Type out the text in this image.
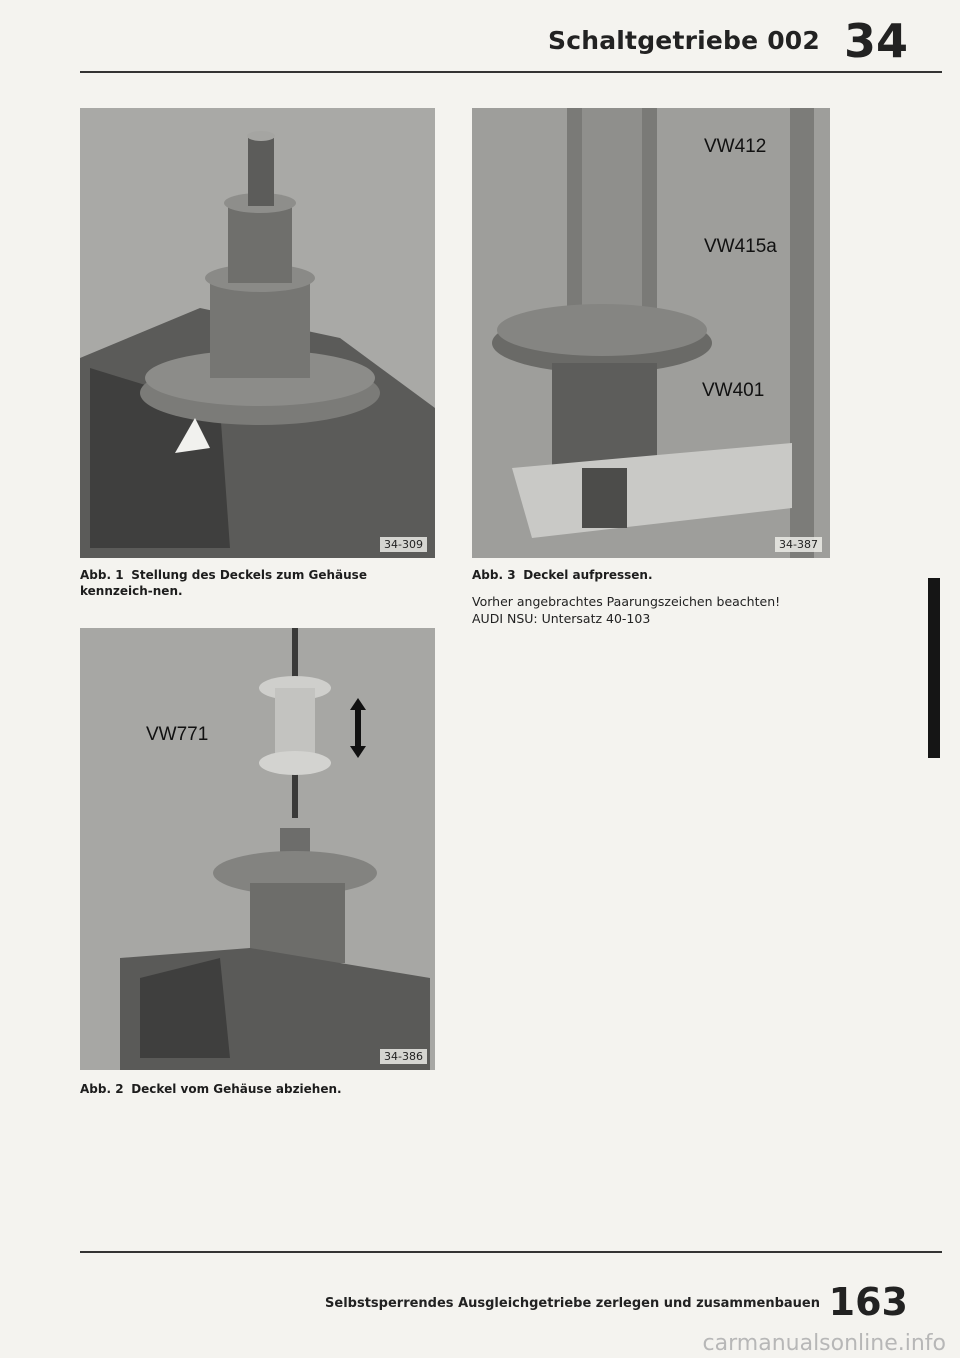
Schaltgetriebe 002 34
34-309
Abb. 1 Stellung des Deckels zum Gehäuse kennzeich-nen.
VW412
VW415a
VW401
34-387
Abb. 3 Deckel aufpressen.
Vorher angebrachtes Paarungszeichen beachten!
AUDI NSU: Untersatz 40-103
VW771
34-386
Abb. 2 Deckel vom Gehäuse abziehen.
Selbstsperrendes Ausgleichgetriebe zerlegen und zusammenbauen 163
carmanualsonline.info
